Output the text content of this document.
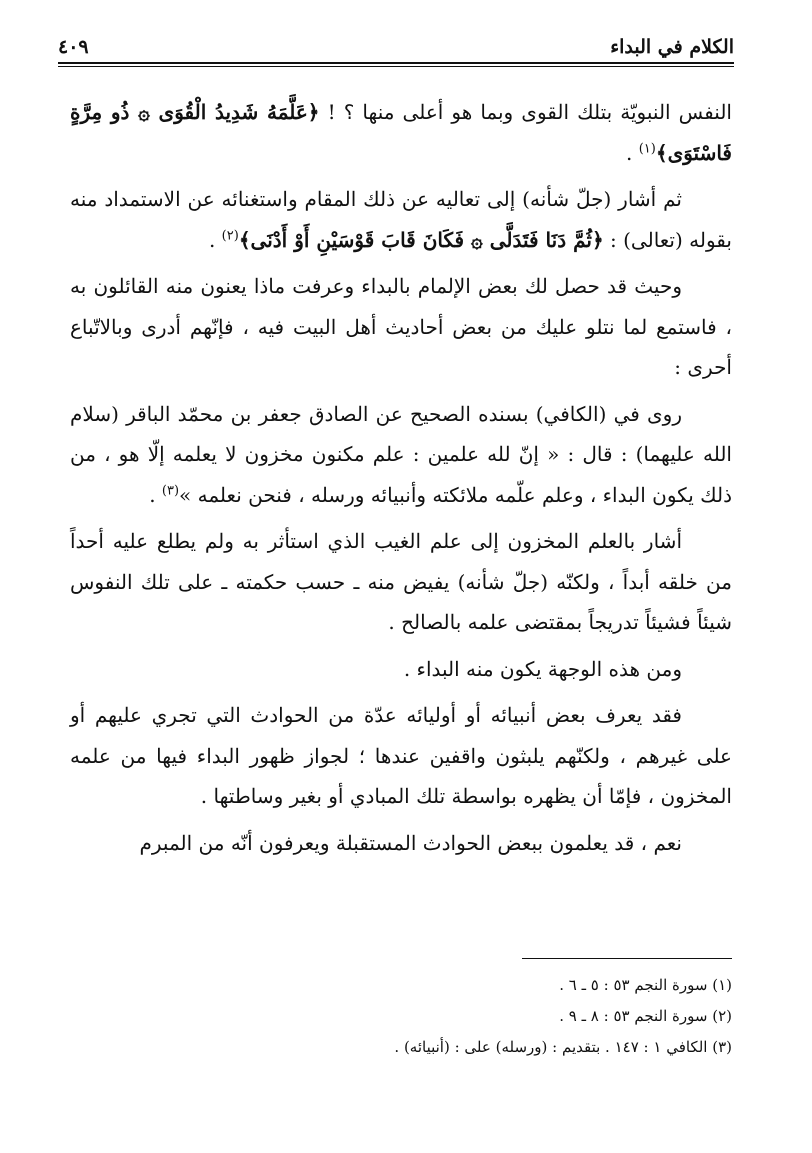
الكلام في البداء
٤٠٩

النفس النبويّة بتلك القوى وبما هو أعلى منها ؟ ! ﴿عَلَّمَهُ شَدِيدُ الْقُوَى ۞ ذُو مِرَّةٍ فَاسْتَوَى﴾$^{(١)}$ .

ثم أشار (جلّ شأنه) إلى تعاليه عن ذلك المقام واستغنائه عن الاستمداد منه بقوله (تعالى) : ﴿ثُمَّ دَنَا فَتَدَلَّى ۞ فَكَانَ قَابَ قَوْسَيْنِ أَوْ أَدْنَى﴾$^{(٢)}$ .

وحيث قد حصل لك بعض الإلمام بالبداء وعرفت ماذا يعنون منه القائلون به ، فاستمع لما نتلو عليك من بعض أحاديث أهل البيت فيه ، فإنّهم أدرى وبالاتّباع أحرى :

روى في (الكافي) بسنده الصحيح عن الصادق جعفر بن محمّد الباقر (سلام الله عليهما) : قال : « إنّ لله علمين : علم مكنون مخزون لا يعلمه إلّا هو ، من ذلك يكون البداء ، وعلم علّمه ملائكته وأنبيائه ورسله ، فنحن نعلمه »$^{(٣)}$ .

أشار بالعلم المخزون إلى علم الغيب الذي استأثر به ولم يطلع عليه أحداً من خلقه أبداً ، ولكنّه (جلّ شأنه) يفيض منه ـ حسب حكمته ـ على تلك النفوس شيئاً فشيئاً تدريجاً بمقتضى علمه بالصالح .

ومن هذه الوجهة يكون منه البداء .

فقد يعرف بعض أنبيائه أو أوليائه عدّة من الحوادث التي تجري عليهم أو على غيرهم ، ولكنّهم يلبثون واقفين عندها ؛ لجواز ظهور البداء فيها من علمه المخزون ، فإمّا أن يظهره بواسطة تلك المبادي أو بغير وساطتها .

نعم ، قد يعلمون ببعض الحوادث المستقبلة ويعرفون أنّه من المبرم

(١) سورة النجم ٥٣ : ٥ ـ ٦ .

(٢) سورة النجم ٥٣ : ٨ ـ ٩ .

(٣) الكافي ١ : ١٤٧ . بتقديم : (ورسله) على : (أنبيائه) .
